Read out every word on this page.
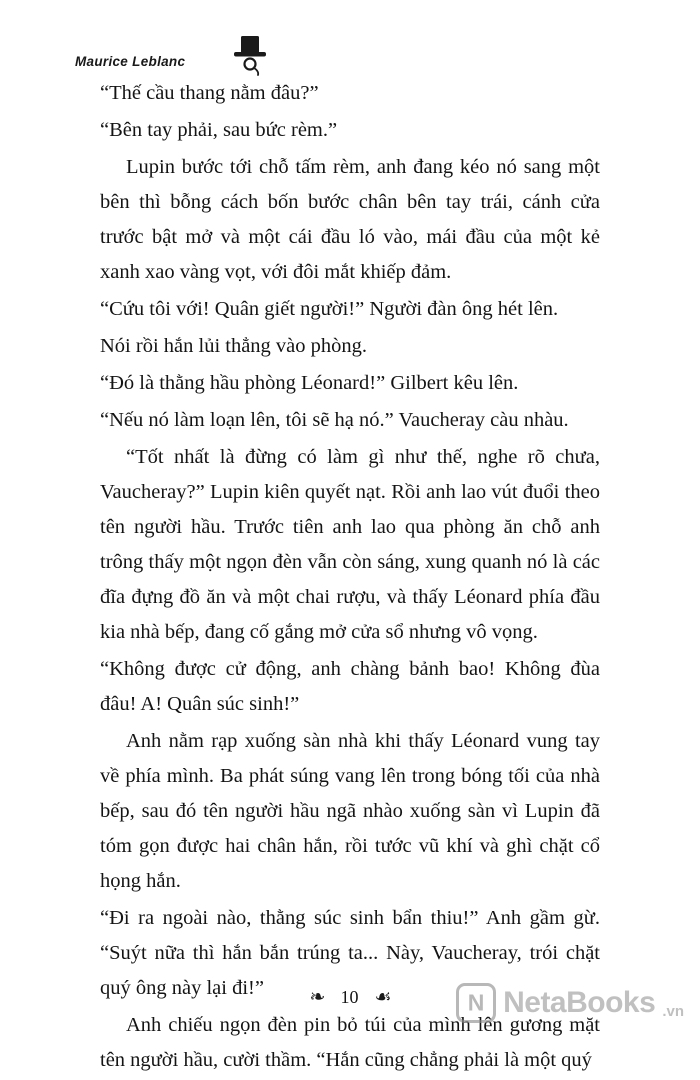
Maurice Leblanc

“Thế cầu thang nằm đâu?”

“Bên tay phải, sau bức rèm.”

Lupin bước tới chỗ tấm rèm, anh đang kéo nó sang một bên thì bỗng cách bốn bước chân bên tay trái, cánh cửa trước bật mở và một cái đầu ló vào, mái đầu của một kẻ xanh xao vàng vọt, với đôi mắt khiếp đảm.

“Cứu tôi với! Quân giết người!” Người đàn ông hét lên.

Nói rồi hắn lủi thẳng vào phòng.

“Đó là thằng hầu phòng Léonard!” Gilbert kêu lên.

“Nếu nó làm loạn lên, tôi sẽ hạ nó.” Vaucheray càu nhàu.

“Tốt nhất là đừng có làm gì như thế, nghe rõ chưa, Vaucheray?” Lupin kiên quyết nạt. Rồi anh lao vút đuổi theo tên người hầu. Trước tiên anh lao qua phòng ăn chỗ anh trông thấy một ngọn đèn vẫn còn sáng, xung quanh nó là các đĩa đựng đồ ăn và một chai rượu, và thấy Léonard phía đầu kia nhà bếp, đang cố gắng mở cửa sổ nhưng vô vọng.

“Không được cử động, anh chàng bảnh bao! Không đùa đâu! A! Quân súc sinh!”

Anh nằm rạp xuống sàn nhà khi thấy Léonard vung tay về phía mình. Ba phát súng vang lên trong bóng tối của nhà bếp, sau đó tên người hầu ngã nhào xuống sàn vì Lupin đã tóm gọn được hai chân hắn, rồi tước vũ khí và ghì chặt cổ họng hắn.

“Đi ra ngoài nào, thằng súc sinh bẩn thiu!” Anh gầm gừ. “Suýt nữa thì hắn bắn trúng ta... Này, Vaucheray, trói chặt quý ông này lại đi!”

Anh chiếu ngọn đèn pin bỏ túi của mình lên gương mặt tên người hầu, cười thầm. “Hắn cũng chẳng phải là một quý

❧ 10 ☙	N NetaBooks .vn
